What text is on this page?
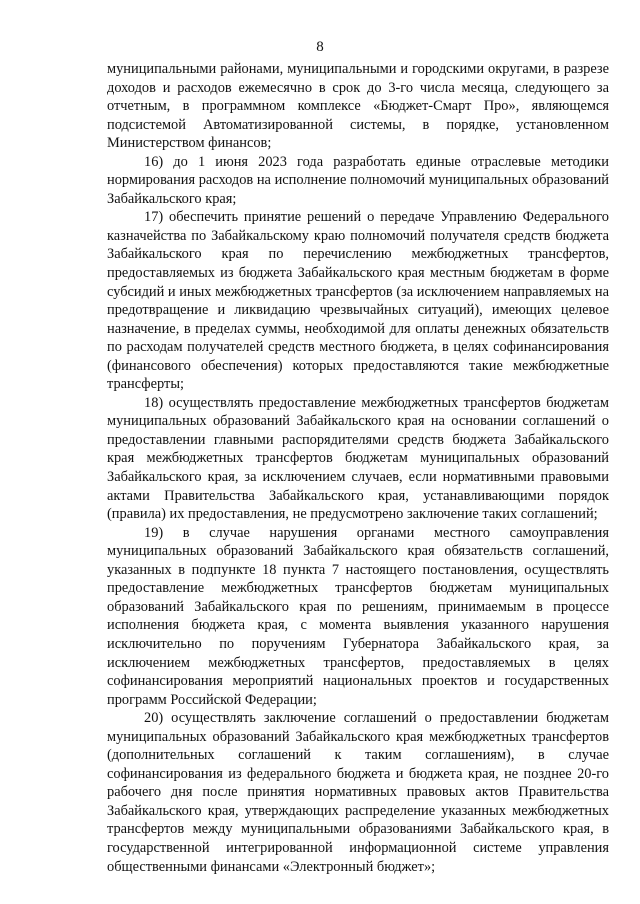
8

муниципальными районами, муниципальными и городскими округами, в разрезе доходов и расходов ежемесячно в срок до 3-го числа месяца, следующего за отчетным, в программном комплексе «Бюджет-Смарт Про», являющемся подсистемой Автоматизированной системы, в порядке, установленном Министерством финансов;

16) до 1 июня 2023 года разработать единые отраслевые методики нормирования расходов на исполнение полномочий муниципальных образований Забайкальского края;

17) обеспечить принятие решений о передаче Управлению Федерального казначейства по Забайкальскому краю полномочий получателя средств бюджета Забайкальского края по перечислению межбюджетных трансфертов, предоставляемых из бюджета Забайкальского края местным бюджетам в форме субсидий и иных межбюджетных трансфертов (за исключением направляемых на предотвращение и ликвидацию чрезвычайных ситуаций), имеющих целевое назначение, в пределах суммы, необходимой для оплаты денежных обязательств по расходам получателей средств местного бюджета, в целях софинансирования (финансового обеспечения) которых предоставляются такие межбюджетные трансферты;

18) осуществлять предоставление межбюджетных трансфертов бюджетам муниципальных образований Забайкальского края на основании соглашений о предоставлении главными распорядителями средств бюджета Забайкальского края межбюджетных трансфертов бюджетам муниципальных образований Забайкальского края, за исключением случаев, если нормативными правовыми актами Правительства Забайкальского края, устанавливающими порядок (правила) их предоставления, не предусмотрено заключение таких соглашений;

19) в случае нарушения органами местного самоуправления муниципальных образований Забайкальского края обязательств соглашений, указанных в подпункте 18 пункта 7 настоящего постановления, осуществлять предоставление межбюджетных трансфертов бюджетам муниципальных образований Забайкальского края по решениям, принимаемым в процессе исполнения бюджета края, с момента выявления указанного нарушения исключительно по поручениям Губернатора Забайкальского края, за исключением межбюджетных трансфертов, предоставляемых в целях софинансирования мероприятий национальных проектов и государственных программ Российской Федерации;

20) осуществлять заключение соглашений о предоставлении бюджетам муниципальных образований Забайкальского края межбюджетных трансфертов (дополнительных соглашений к таким соглашениям), в случае софинансирования из федерального бюджета и бюджета края, не позднее 20-го рабочего дня после принятия нормативных правовых актов Правительства Забайкальского края, утверждающих распределение указанных межбюджетных трансфертов между муниципальными образованиями Забайкальского края, в государственной интегрированной информационной системе управления общественными финансами «Электронный бюджет»;
